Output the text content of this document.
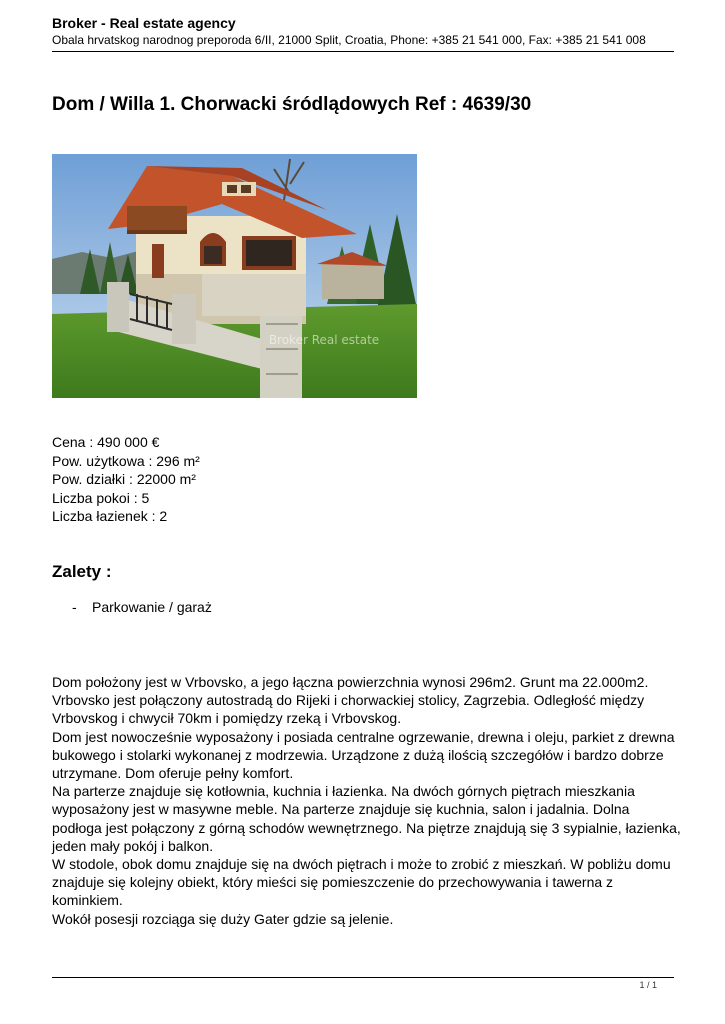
Broker - Real estate agency
Obala hrvatskog narodnog preporoda 6/II, 21000 Split, Croatia, Phone: +385 21 541 000, Fax: +385 21 541 008
Dom / Willa 1. Chorwacki śródlądowych Ref : 4639/30
Broker Real estate
Cena : 490 000 €
Pow. użytkowa : 296 m²
Pow. działki : 22000 m²
Liczba pokoi : 5
Liczba łazienek : 2
Zalety :
- Parkowanie / garaż

Dom położony jest w Vrbovsko, a jego łączna powierzchnia wynosi 296m2. Grunt ma 22.000m2. Vrbovsko jest połączony autostradą do Rijeki i chorwackiej stolicy, Zagrzebia. Odległość między Vrbovskog i chwycił 70km i pomiędzy rzeką i Vrbovskog.

Dom jest nowocześnie wyposażony i posiada centralne ogrzewanie, drewna i oleju, parkiet z drewna bukowego i stolarki wykonanej z modrzewia. Urządzone z dużą ilością szczegółów i bardzo dobrze utrzymane. Dom oferuje pełny komfort.

Na parterze znajduje się kotłownia, kuchnia i łazienka. Na dwóch górnych piętrach mieszkania wyposażony jest w masywne meble. Na parterze znajduje się kuchnia, salon i jadalnia. Dolna podłoga jest połączony z górną schodów wewnętrznego. Na piętrze znajdują się 3 sypialnie, łazienka, jeden mały pokój i balkon.

W stodole, obok domu znajduje się na dwóch piętrach i może to zrobić z mieszkań. W pobliżu domu znajduje się kolejny obiekt, który mieści się pomieszczenie do przechowywania i tawerna z kominkiem.

Wokół posesji rozciąga się duży Gater gdzie są jelenie.

1 / 1
